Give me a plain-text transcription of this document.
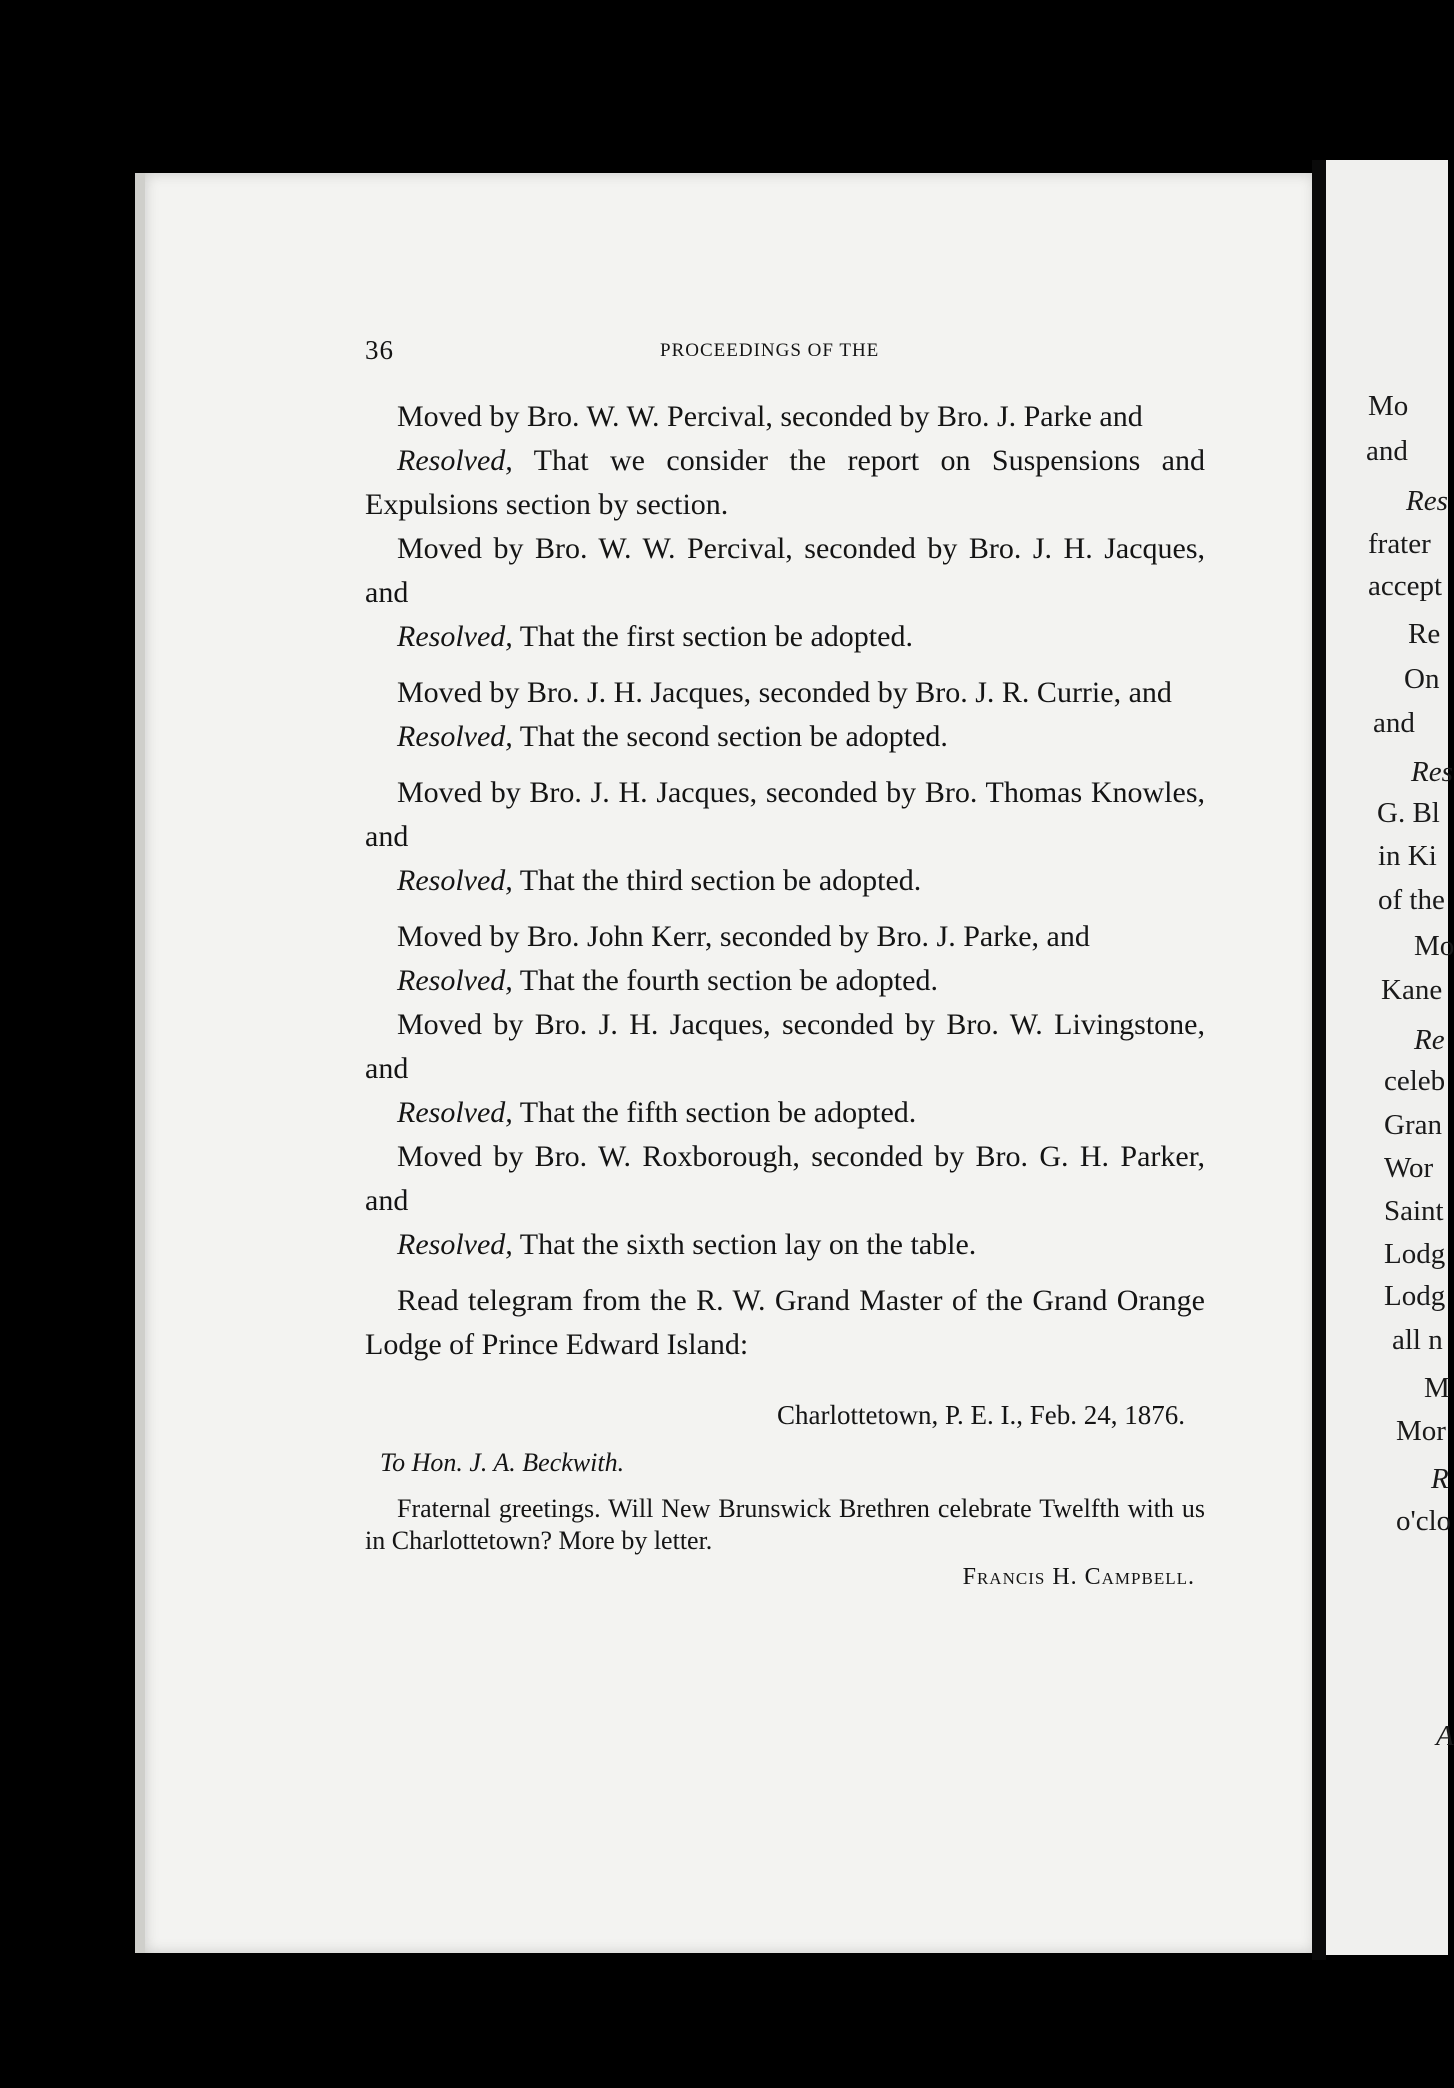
Mo
and
Res
frater
accept
Re
On
and
Res
G. Bl
in Ki
of the
Mo
Kane
Re
celeb
Gran
Wor
Saint
Lodg
Lodg
all n
M
Mor
R
o'clo
A
36	PROCEEDINGS OF THE

Moved by Bro. W. W. Percival, seconded by Bro. J. Parke and

Resolved, That we consider the report on Suspensions and Expulsions section by section.

Moved by Bro. W. W. Percival, seconded by Bro. J. H. Jacques, and

Resolved, That the first section be adopted.

Moved by Bro. J. H. Jacques, seconded by Bro. J. R. Currie, and

Resolved, That the second section be adopted.

Moved by Bro. J. H. Jacques, seconded by Bro. Thomas Knowles, and

Resolved, That the third section be adopted.

Moved by Bro. John Kerr, seconded by Bro. J. Parke, and

Resolved, That the fourth section be adopted.

Moved by Bro. J. H. Jacques, seconded by Bro. W. Livingstone, and

Resolved, That the fifth section be adopted.

Moved by Bro. W. Roxborough, seconded by Bro. G. H. Parker, and

Resolved, That the sixth section lay on the table.

Read telegram from the R. W. Grand Master of the Grand Orange Lodge of Prince Edward Island:

Charlottetown, P. E. I., Feb. 24, 1876.
To Hon. J. A. Beckwith.

Fraternal greetings. Will New Brunswick Brethren celebrate Twelfth with us in Charlottetown? More by letter.

Francis H. Campbell.
